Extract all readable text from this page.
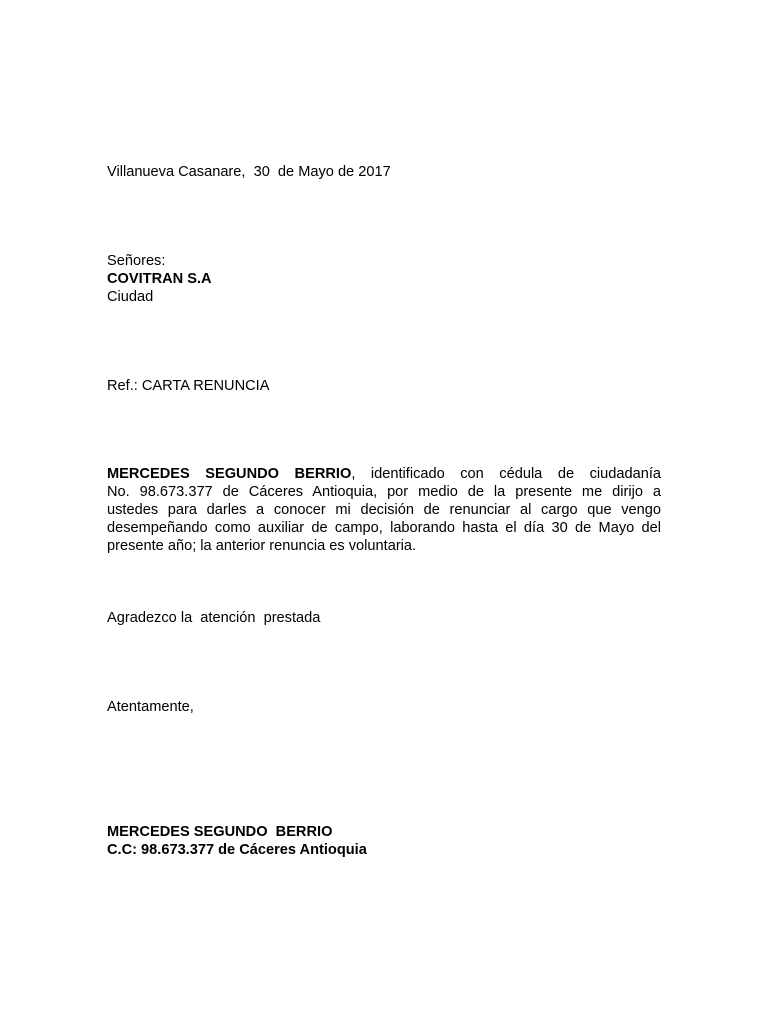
Villanueva Casanare,  30  de Mayo de 2017
Señores:
COVITRAN S.A
Ciudad
Ref.: CARTA RENUNCIA
MERCEDES SEGUNDO BERRIO, identificado con cédula de ciudadanía
No. 98.673.377 de Cáceres Antioquia, por medio de la presente me dirijo a
ustedes para darles a conocer mi decisión de renunciar al cargo que vengo
desempeñando como auxiliar de campo, laborando hasta el día 30 de Mayo del
presente año; la anterior renuncia es voluntaria.
Agradezco la  atención  prestada
Atentamente,
MERCEDES SEGUNDO  BERRIO
C.C: 98.673.377 de Cáceres Antioquia
